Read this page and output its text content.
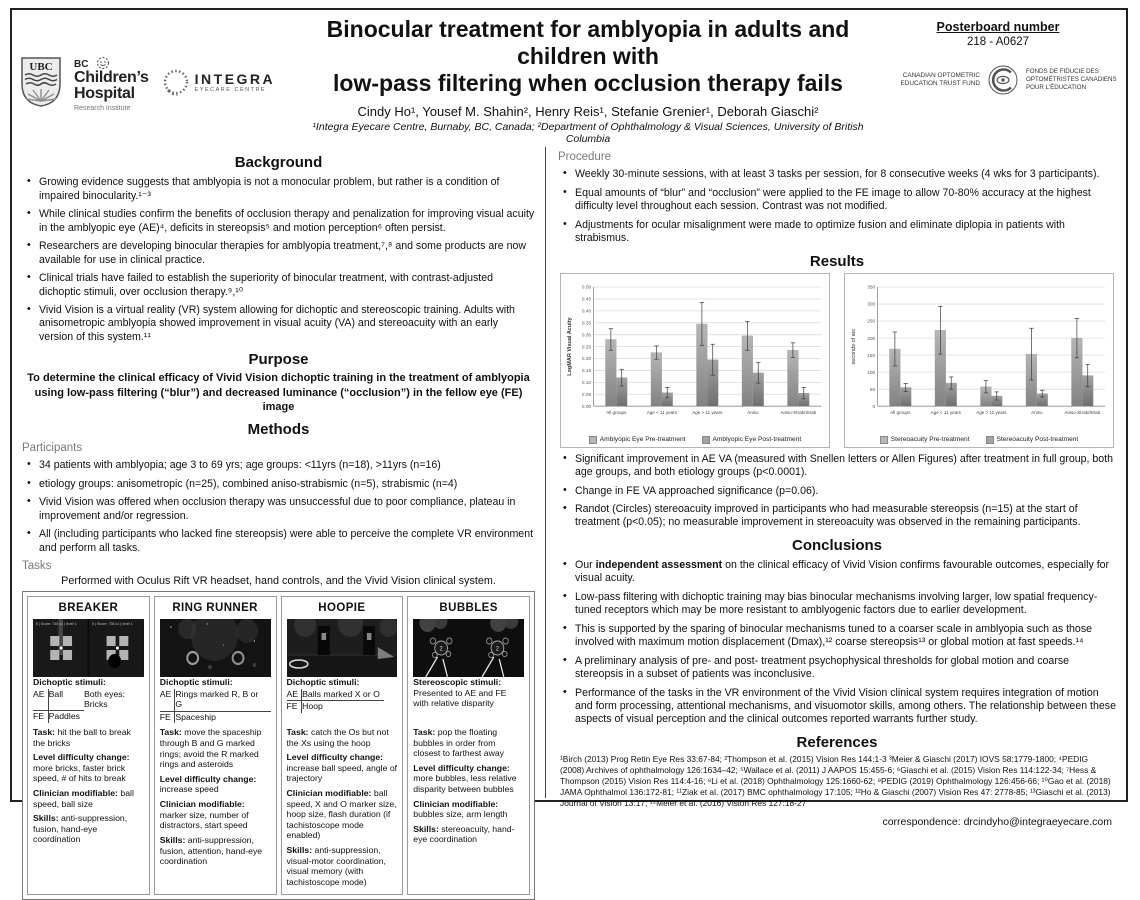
UBC BC
Children’s
Hospital
Research Institute
INTEGRA
EYECARE CENTRE
Binocular treatment for amblyopia in adults and children with
low-pass filtering when occlusion therapy fails
Cindy Ho¹, Yousef M. Shahin², Henry Reis¹, Stefanie Grenier¹, Deborah Giaschi²
¹Integra Eyecare Centre, Burnaby, BC, Canada; ²Department of Ophthalmology & Visual Sciences, University of British Columbia
Posterboard number
218 - A0627
CANADIAN OPTOMETRIC EDUCATION TRUST FUND
FONDS DE FIDUCIE DES OPTOMÉTRISTES CANADIENS POUR L’ÉDUCATION
Background
• Growing evidence suggests that amblyopia is not a monocular problem, but rather is a condition of impaired binocularity.¹⁻³
• While clinical studies confirm the benefits of occlusion therapy and penalization for improving visual acuity in the amblyopic eye (AE)⁴, deficits in stereopsis⁵ and motion perception⁶ often persist.
• Researchers are developing binocular therapies for amblyopia treatment,⁷,⁸ and some products are now available for use in clinical practice.
• Clinical trials have failed to establish the superiority of binocular treatment, with contrast-adjusted dichoptic stimuli, over occlusion therapy.⁹,¹⁰
• Vivid Vision is a virtual reality (VR) system allowing for dichoptic and stereoscopic training. Adults with anisometropic amblyopia showed improvement in visual acuity (VA) and stereoacuity with an early version of this system.¹¹
Purpose
To determine the clinical efficacy of Vivid Vision dichoptic training in the treatment of amblyopia using low-pass filtering (“blur”) and decreased luminance (“occlusion”) in the fellow eye (FE) image
Methods
Participants
• 34 patients with amblyopia; age 3 to 69 yrs; age groups: <11yrs (n=18), >11yrs (n=16)
• etiology groups: anisometropic (n=25), combined aniso-strabismic (n=5), strabismic (n=4)
• Vivid Vision was offered when occlusion therapy was unsuccessful due to poor compliance, plateau in improvement and/or regression.
• All (including participants who lacked fine stereopsis) were able to perceive the complete VR environment and perform all tasks.
Tasks
Performed with Oculus Rift VR headset, hand controls, and the Vivid Vision clinical system.
BREAKER
5 | Score: 736 x1 | level 1	5 | Score: 736 x1 | level 1
Dichoptic stimuli:
AE	Ball	Both eyes: Bricks
FE	Paddles	
Task: hit the ball to break the bricks
Level difficulty change: more bricks, faster brick speed, # of hits to break
Clinician modifiable: ball speed, ball size
Skills: anti-suppression, fusion, hand-eye coordination
RING RUNNER
Dichoptic stimuli:
AE	Rings marked R, B or G
FE	Spaceship
Task: move the spaceship through B and G marked rings; avoid the R marked rings and asteroids
Level difficulty change: increase speed
Clinician modifiable: marker size, number of distractors, start speed
Skills: anti-suppression, fusion, attention, hand-eye coordination
HOOPIE
Dichoptic stimuli:
AE	Balls marked X or O
FE	Hoop
Task: catch the Os but not the Xs using the hoop
Level difficulty change: increase ball speed, angle of trajectory
Clinician modifiable: ball speed, X and O marker size, hoop size, flash duration (if tachistoscope mode enabled)
Skills: anti-suppression, visual-motor coordination, visual memory (with tachistoscope mode)
BUBBLES
2	2
Stereoscopic stimuli:
Presented to AE and FE with relative disparity
Task: pop the floating bubbles in order from closest to farthest away
Level difficulty change: more bubbles, less relative disparity between bubbles
Clinician modifiable: bubbles size, arm length
Skills: stereoacuity, hand-eye coordination
Procedure
• Weekly 30-minute sessions, with at least 3 tasks per session, for 8 consecutive weeks (4 wks for 3 participants).
• Equal amounts of “blur” and “occlusion” were applied to the FE image to allow 70-80% accuracy at the highest difficulty level throughout each session. Contrast was not modified.
• Adjustments for ocular misalignment were made to optimize fusion and eliminate diplopia in patients with strabismus.
Results
0.00
0.05
0.10
0.15
0.20
0.25
0.30
0.35
0.40
0.45
0.50
All groups	Age < 11 years	Age > 11 years	Aniso	Aniso-Strab/Strab
LogMAR Visual Acuity
Amblyopic Eye Pre-treatment	Amblyopic Eye Post-treatment
0
50
100
150
200
250
300
350
All groups	Age < 11 years	Age > 11 years	Aniso	Aniso-Strab/Strab
seconds of arc
Stereoacuity Pre-treatment	Stereoacuity Post-treatment
• Significant improvement in AE VA (measured with Snellen letters or Allen Figures) after treatment in full group, both age groups, and both etiology groups (p<0.0001).
• Change in FE VA approached significance (p=0.06).
• Randot (Circles) stereoacuity improved in participants who had measurable stereopsis (n=15) at the start of treatment (p<0.05); no measurable improvement in stereoacuity was observed in the remaining participants.
Conclusions
• Our independent assessment on the clinical efficacy of Vivid Vision confirms favourable outcomes, especially for visual acuity.
• Low-pass filtering with dichoptic training may bias binocular mechanisms involving larger, low spatial frequency-tuned receptors which may be more resistant to amblyogenic factors due to earlier development.
• This is supported by the sparing of binocular mechanisms tuned to a coarser scale in amblyopia such as those involved with maximum motion displacement (Dmax),¹² coarse stereopsis¹³ or global motion at fast speeds.¹⁴
• A preliminary analysis of pre- and post- treatment psychophysical thresholds for global motion and coarse stereopsis in a subset of patients was inconclusive.
• Performance of the tasks in the VR environment of the Vivid Vision clinical system requires integration of motion and form processing, attentional mechanisms, and visuomotor skills, among others. The relationship between these aspects of visual perception and the clinical outcomes reported warrants further study.
References
¹Birch (2013) Prog Retin Eye Res 33:67-84; ²Thompson et al. (2015) Vision Res 144:1-3 ³Meier & Giaschi (2017) IOVS 58:1779-1800; ⁴PEDIG (2008) Archives of ophthalmology 126:1634–42; ⁵Wallace et al. (2011) J AAPOS 15:455-6; ⁶Giaschi et al. (2015) Vision Res 114:122-34; ⁷Hess & Thompson (2015) Vision Res 114:4-16; ⁸Li et al. (2018) Ophthalmology 125:1660-62; ⁹PEDIG (2019) Ophthalmology 126:456-66; ¹⁰Gao et al. (2018) JAMA Ophthalmol 136:172-81; ¹¹Ziak et al. (2017) BMC ophthalmology 17:105; ¹²Ho & Giaschi (2007) Vision Res 47: 2778-85; ¹³Giaschi et al. (2013) Journal of Vision 13:17; ¹⁴Meier et al. (2016) Vision Res 127:18-27
correspondence: drcindyho@integraeyecare.com
